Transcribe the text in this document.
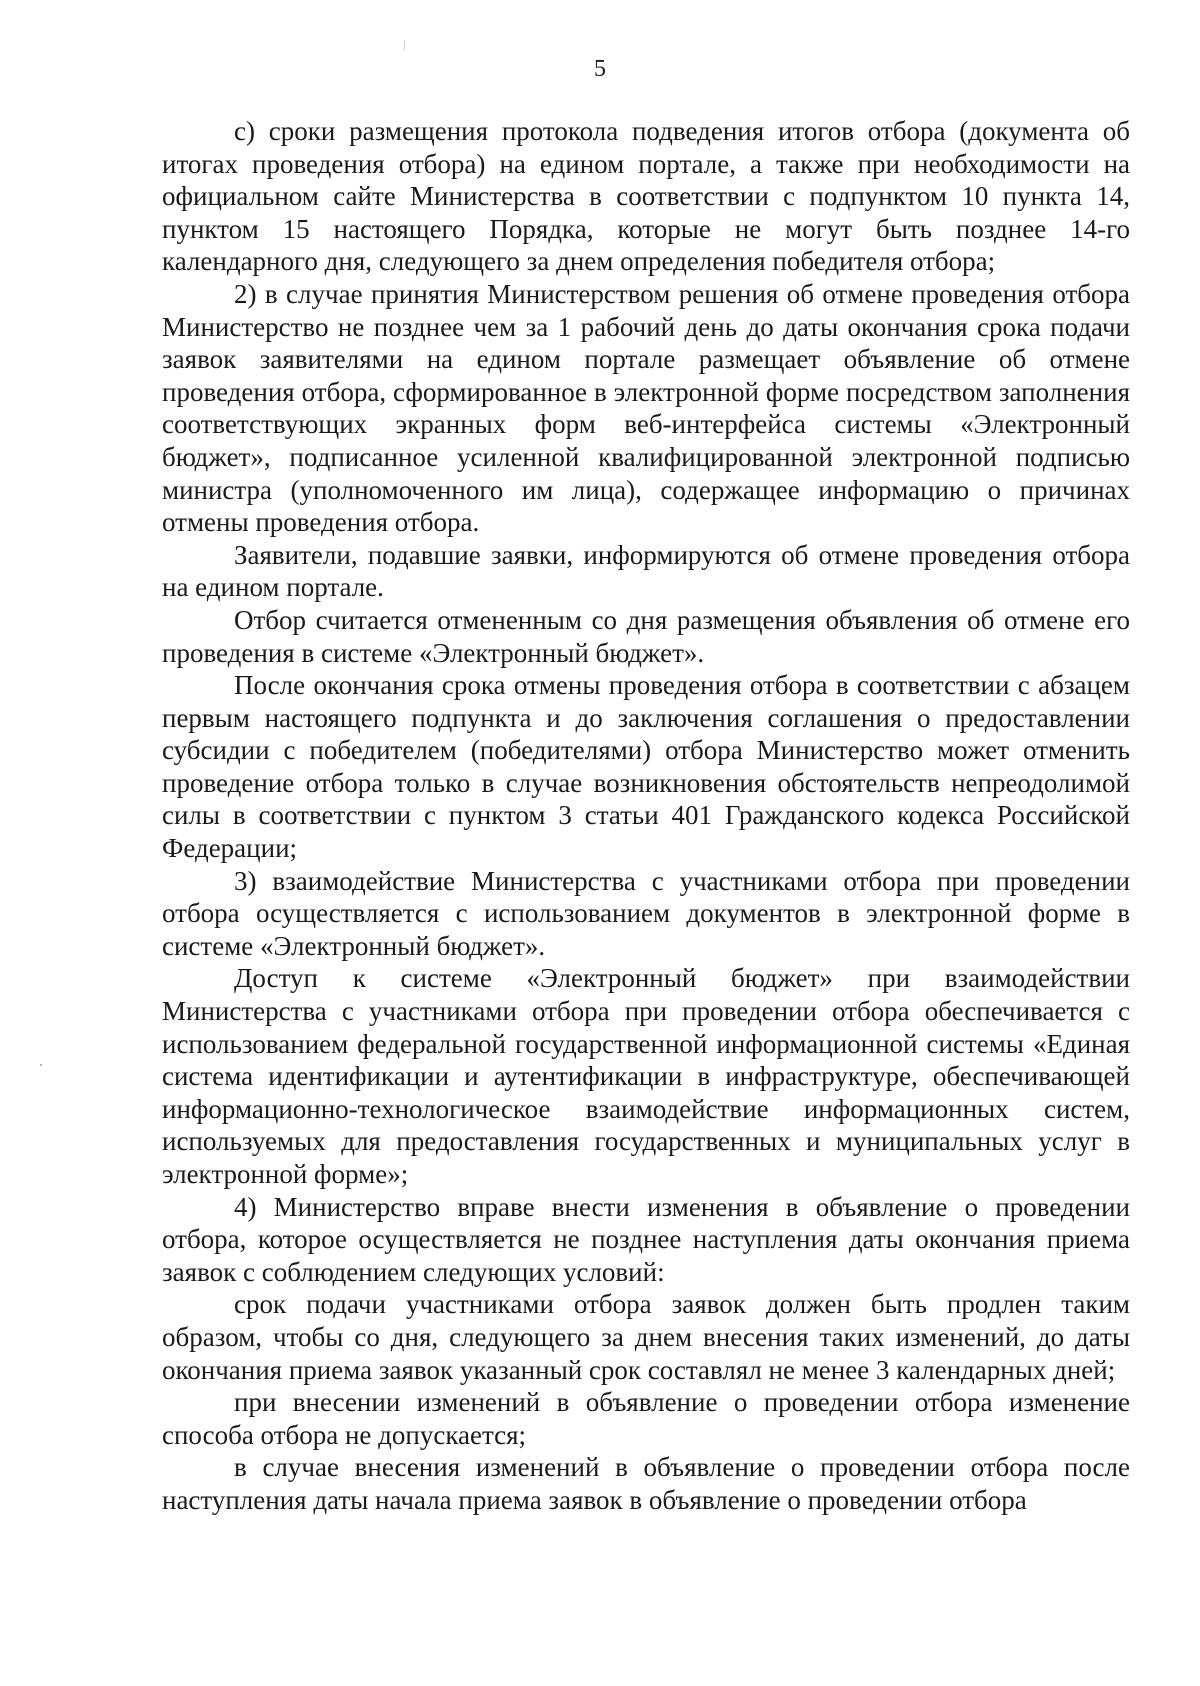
5

с) сроки размещения протокола подведения итогов отбора (документа об итогах проведения отбора) на едином портале, а также при необходимости на официальном сайте Министерства в соответствии с подпунктом 10 пункта 14, пунктом 15 настоящего Порядка, которые не могут быть позднее 14-го календарного дня, следующего за днем определения победителя отбора;

2) в случае принятия Министерством решения об отмене проведения отбора Министерство не позднее чем за 1 рабочий день до даты окончания срока подачи заявок заявителями на едином портале размещает объявление об отмене проведения отбора, сформированное в электронной форме посредством заполнения соответствующих экранных форм веб-интерфейса системы «Электронный бюджет», подписанное усиленной квалифицированной электронной подписью министра (уполномоченного им лица), содержащее информацию о причинах отмены проведения отбора.

Заявители, подавшие заявки, информируются об отмене проведения отбора на едином портале.

Отбор считается отмененным со дня размещения объявления об отмене его проведения в системе «Электронный бюджет».

После окончания срока отмены проведения отбора в соответствии с абзацем первым настоящего подпункта и до заключения соглашения о предоставлении субсидии с победителем (победителями) отбора Министерство может отменить проведение отбора только в случае возникновения обстоятельств непреодолимой силы в соответствии с пунктом 3 статьи 401 Гражданского кодекса Российской Федерации;

3) взаимодействие Министерства с участниками отбора при проведении отбора осуществляется с использованием документов в электронной форме в системе «Электронный бюджет».

Доступ к системе «Электронный бюджет» при взаимодействии Министерства с участниками отбора при проведении отбора обеспечивается с использованием федеральной государственной информационной системы «Единая система идентификации и аутентификации в инфраструктуре, обеспечивающей информационно-технологическое взаимодействие информационных систем, используемых для предоставления государственных и муниципальных услуг в электронной форме»;

4) Министерство вправе внести изменения в объявление о проведении отбора, которое осуществляется не позднее наступления даты окончания приема заявок с соблюдением следующих условий:

срок подачи участниками отбора заявок должен быть продлен таким образом, чтобы со дня, следующего за днем внесения таких изменений, до даты окончания приема заявок указанный срок составлял не менее 3 календарных дней;

при внесении изменений в объявление о проведении отбора изменение способа отбора не допускается;

в случае внесения изменений в объявление о проведении отбора после наступления даты начала приема заявок в объявление о проведении отбора
